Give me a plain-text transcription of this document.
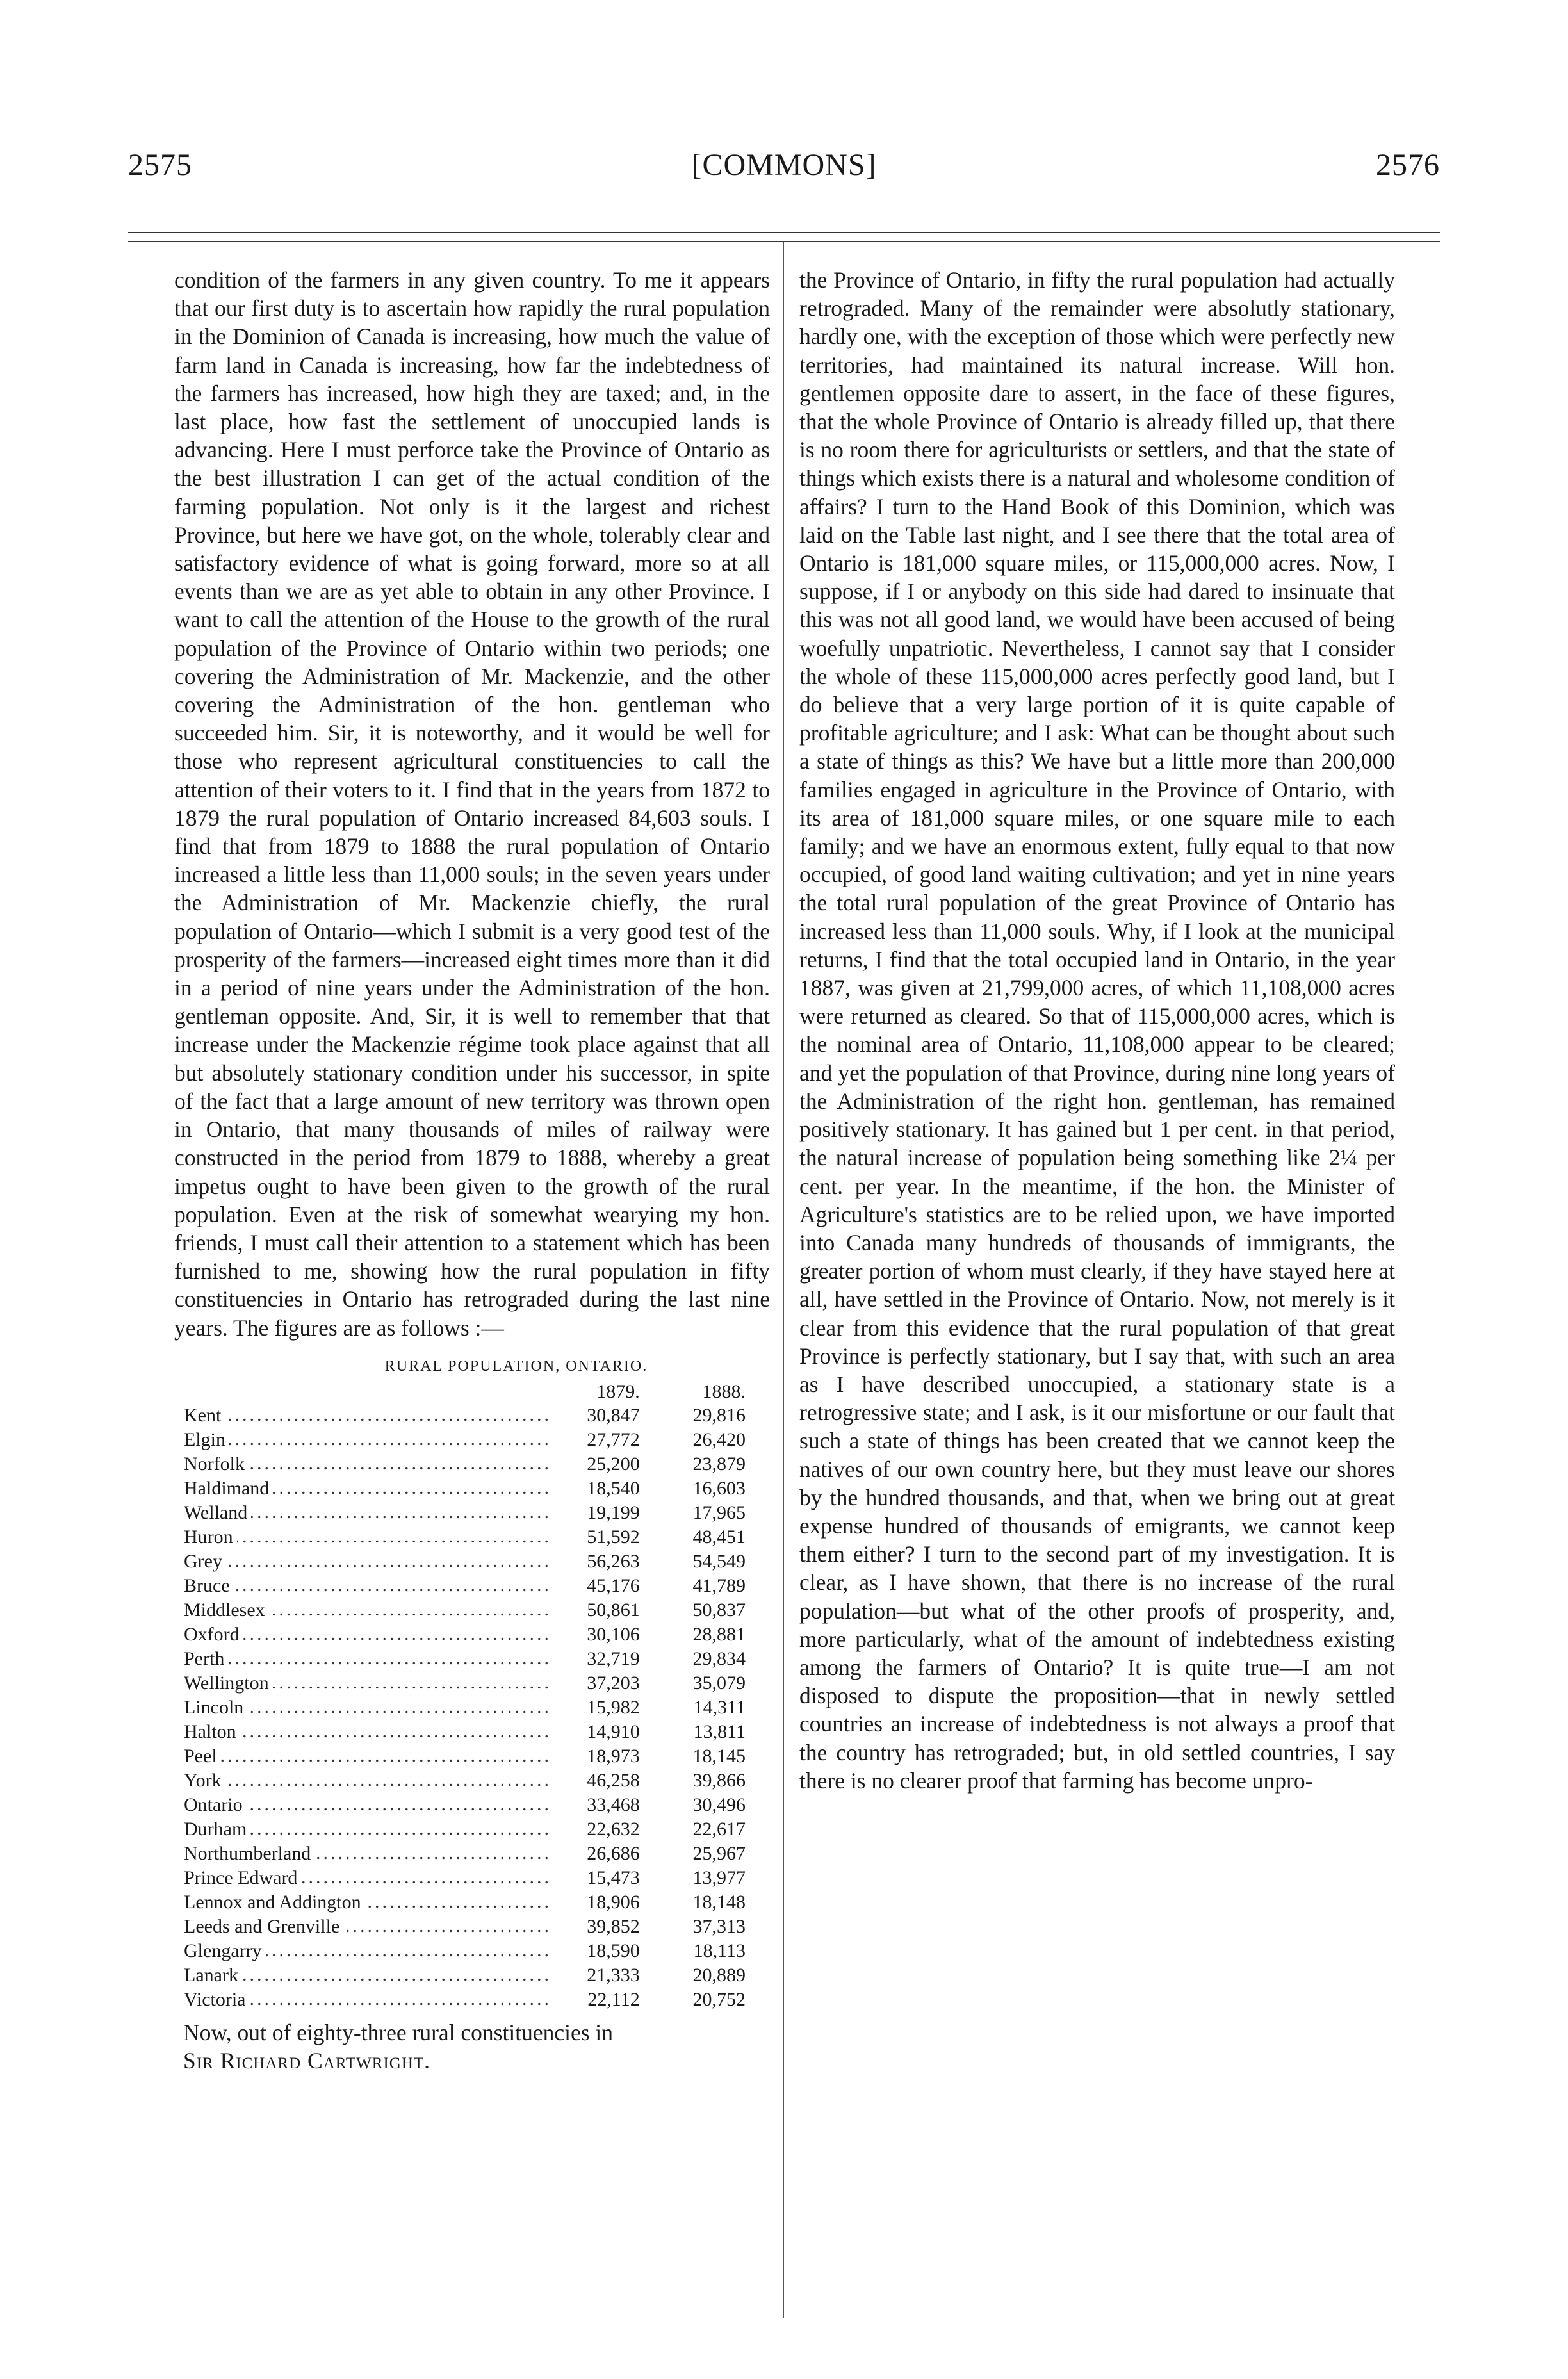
2575	[COMMONS]	2576

condition of the farmers in any given country. To me it appears that our first duty is to ascertain how rapidly the rural population in the Dominion of Canada is increasing, how much the value of farm land in Canada is increasing, how far the indebtedness of the farmers has increased, how high they are taxed; and, in the last place, how fast the settlement of unoccupied lands is advancing. Here I must perforce take the Province of Ontario as the best illustration I can get of the actual condition of the farming population. Not only is it the largest and richest Province, but here we have got, on the whole, tolerably clear and satisfactory evidence of what is going forward, more so at all events than we are as yet able to obtain in any other Province. I want to call the attention of the House to the growth of the rural population of the Province of Ontario within two periods; one covering the Administration of Mr. Mackenzie, and the other covering the Administration of the hon. gentleman who succeeded him. Sir, it is noteworthy, and it would be well for those who represent agricultural constituencies to call the attention of their voters to it. I find that in the years from 1872 to 1879 the rural population of Ontario increased 84,603 souls. I find that from 1879 to 1888 the rural population of Ontario increased a little less than 11,000 souls; in the seven years under the Administration of Mr. Mackenzie chiefly, the rural population of Ontario—which I submit is a very good test of the prosperity of the farmers—increased eight times more than it did in a period of nine years under the Administration of the hon. gentleman opposite. And, Sir, it is well to remember that that increase under the Mackenzie régime took place against that all but absolutely stationary condition under his successor, in spite of the fact that a large amount of new territory was thrown open in Ontario, that many thousands of miles of railway were constructed in the period from 1879 to 1888, whereby a great impetus ought to have been given to the growth of the rural population. Even at the risk of somewhat wearying my hon. friends, I must call their attention to a statement which has been furnished to me, showing how the rural population in fifty constituencies in Ontario has retrograded during the last nine years. The figures are as follows :—

RURAL POPULATION, ONTARIO.
	1879.	1888.
Kent .....	30,847	29,816
Elgin .....	27,772	26,420
Norfolk .....	25,200	23,879
Haldimand .....	18,540	16,603
Welland .....	19,199	17,965
Huron .....	51,592	48,451
Grey .....	56,263	54,549
Bruce .....	45,176	41,789
Middlesex .....	50,861	50,837
Oxford .....	30,106	28,881
Perth .....	32,719	29,834
Wellington .....	37,203	35,079
Lincoln .....	15,982	14,311
Halton .....	14,910	13,811
Peel .....	18,973	18,145
York .....	46,258	39,866
Ontario .....	33,468	30,496
Durham .....	22,632	22,617
Northumberland .....	26,686	25,967
Prince Edward .....	15,473	13,977
Lennox and Addington .....	18,906	18,148
Leeds and Grenville .....	39,852	37,313
Glengarry .....	18,590	18,113
Lanark .....	21,333	20,889
Victoria .....	22,112	20,752

Now, out of eighty-three rural constituencies in

Sir Richard Cartwright.

the Province of Ontario, in fifty the rural population had actually retrograded. Many of the remainder were absolutly stationary, hardly one, with the exception of those which were perfectly new territories, had maintained its natural increase. Will hon. gentlemen opposite dare to assert, in the face of these figures, that the whole Province of Ontario is already filled up, that there is no room there for agriculturists or settlers, and that the state of things which exists there is a natural and wholesome condition of affairs? I turn to the Hand Book of this Dominion, which was laid on the Table last night, and I see there that the total area of Ontario is 181,000 square miles, or 115,000,000 acres. Now, I suppose, if I or anybody on this side had dared to insinuate that this was not all good land, we would have been accused of being woefully unpatriotic. Nevertheless, I cannot say that I consider the whole of these 115,000,000 acres perfectly good land, but I do believe that a very large portion of it is quite capable of profitable agriculture; and I ask: What can be thought about such a state of things as this? We have but a little more than 200,000 families engaged in agriculture in the Province of Ontario, with its area of 181,000 square miles, or one square mile to each family; and we have an enormous extent, fully equal to that now occupied, of good land waiting cultivation; and yet in nine years the total rural population of the great Province of Ontario has increased less than 11,000 souls. Why, if I look at the municipal returns, I find that the total occupied land in Ontario, in the year 1887, was given at 21,799,000 acres, of which 11,108,000 acres were returned as cleared. So that of 115,000,000 acres, which is the nominal area of Ontario, 11,108,000 appear to be cleared; and yet the population of that Province, during nine long years of the Administration of the right hon. gentleman, has remained positively stationary. It has gained but 1 per cent. in that period, the natural increase of population being something like 2¼ per cent. per year. In the meantime, if the hon. the Minister of Agriculture's statistics are to be relied upon, we have imported into Canada many hundreds of thousands of immigrants, the greater portion of whom must clearly, if they have stayed here at all, have settled in the Province of Ontario. Now, not merely is it clear from this evidence that the rural population of that great Province is perfectly stationary, but I say that, with such an area as I have described unoccupied, a stationary state is a retrogressive state; and I ask, is it our misfortune or our fault that such a state of things has been created that we cannot keep the natives of our own country here, but they must leave our shores by the hundred thousands, and that, when we bring out at great expense hundred of thousands of emigrants, we cannot keep them either? I turn to the second part of my investigation. It is clear, as I have shown, that there is no increase of the rural population—but what of the other proofs of prosperity, and, more particularly, what of the amount of indebtedness existing among the farmers of Ontario? It is quite true—I am not disposed to dispute the proposition—that in newly settled countries an increase of indebtedness is not always a proof that the country has retrograded; but, in old settled countries, I say there is no clearer proof that farming has become unpro-
